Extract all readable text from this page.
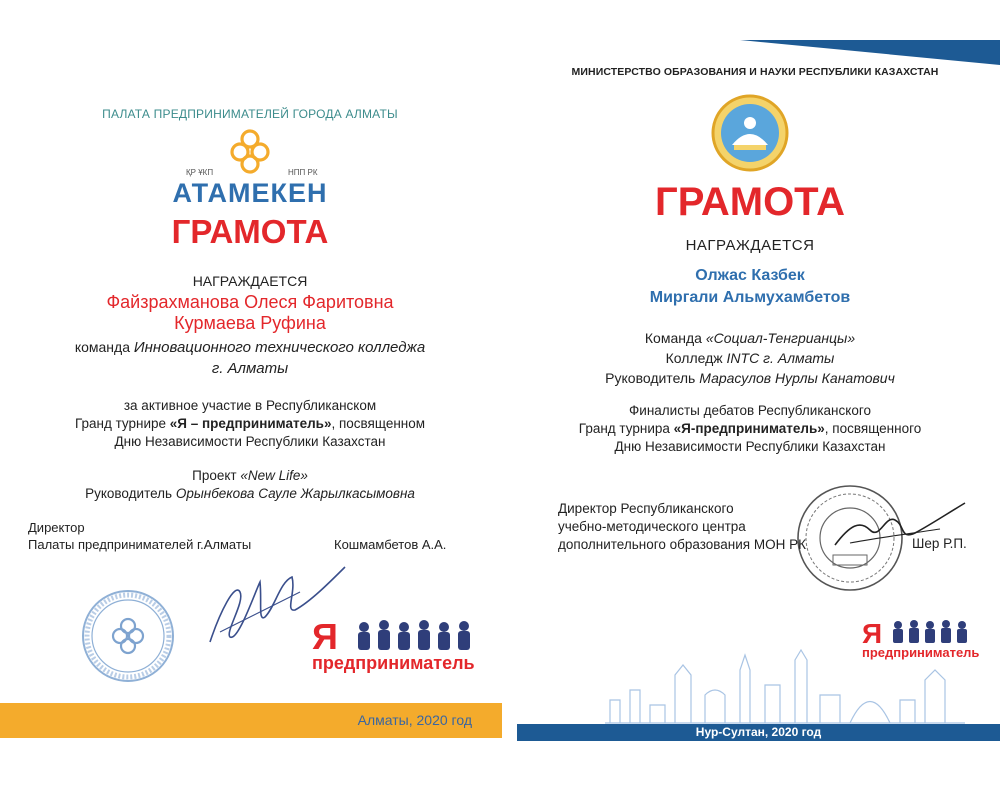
ПАЛАТА ПРЕДПРИНИМАТЕЛЕЙ ГОРОДА АЛМАТЫ
ҚР ҰКП	НПП РК
АТАМЕКЕН
ГРАМОТА
НАГРАЖДАЕТСЯ
Файзрахманова Олеся Фаритовна
Курмаева Руфина
команда Инновационного технического колледжа
г. Алматы
за активное участие в Республиканском
Гранд турнире «Я – предприниматель», посвященном
Дню Независимости Республики Казахстан
Проект «New Life»
Руководитель Орынбекова Сауле Жарылкасымовна
Директор
Палаты предпринимателей г.Алматы	Кошмамбетов А.А.
Я
предприниматель
Алматы, 2020 год
МИНИСТЕРСТВО ОБРАЗОВАНИЯ И НАУКИ РЕСПУБЛИКИ КАЗАХСТАН
ГРАМОТА
НАГРАЖДАЕТСЯ
Олжас Казбек
Миргали Альмухамбетов
Команда «Социал-Тенгрианцы»
Колледж INTC г. Алматы
Руководитель Марасулов Нурлы Канатович
Финалисты дебатов Республиканского
Гранд турнира «Я-предприниматель», посвященного
Дню Независимости Республики Казахстан
Директор Республиканского
учебно-методического центра
дополнительного образования МОН РК	Шер Р.П.
Я
предприниматель
Нур-Султан, 2020 год
